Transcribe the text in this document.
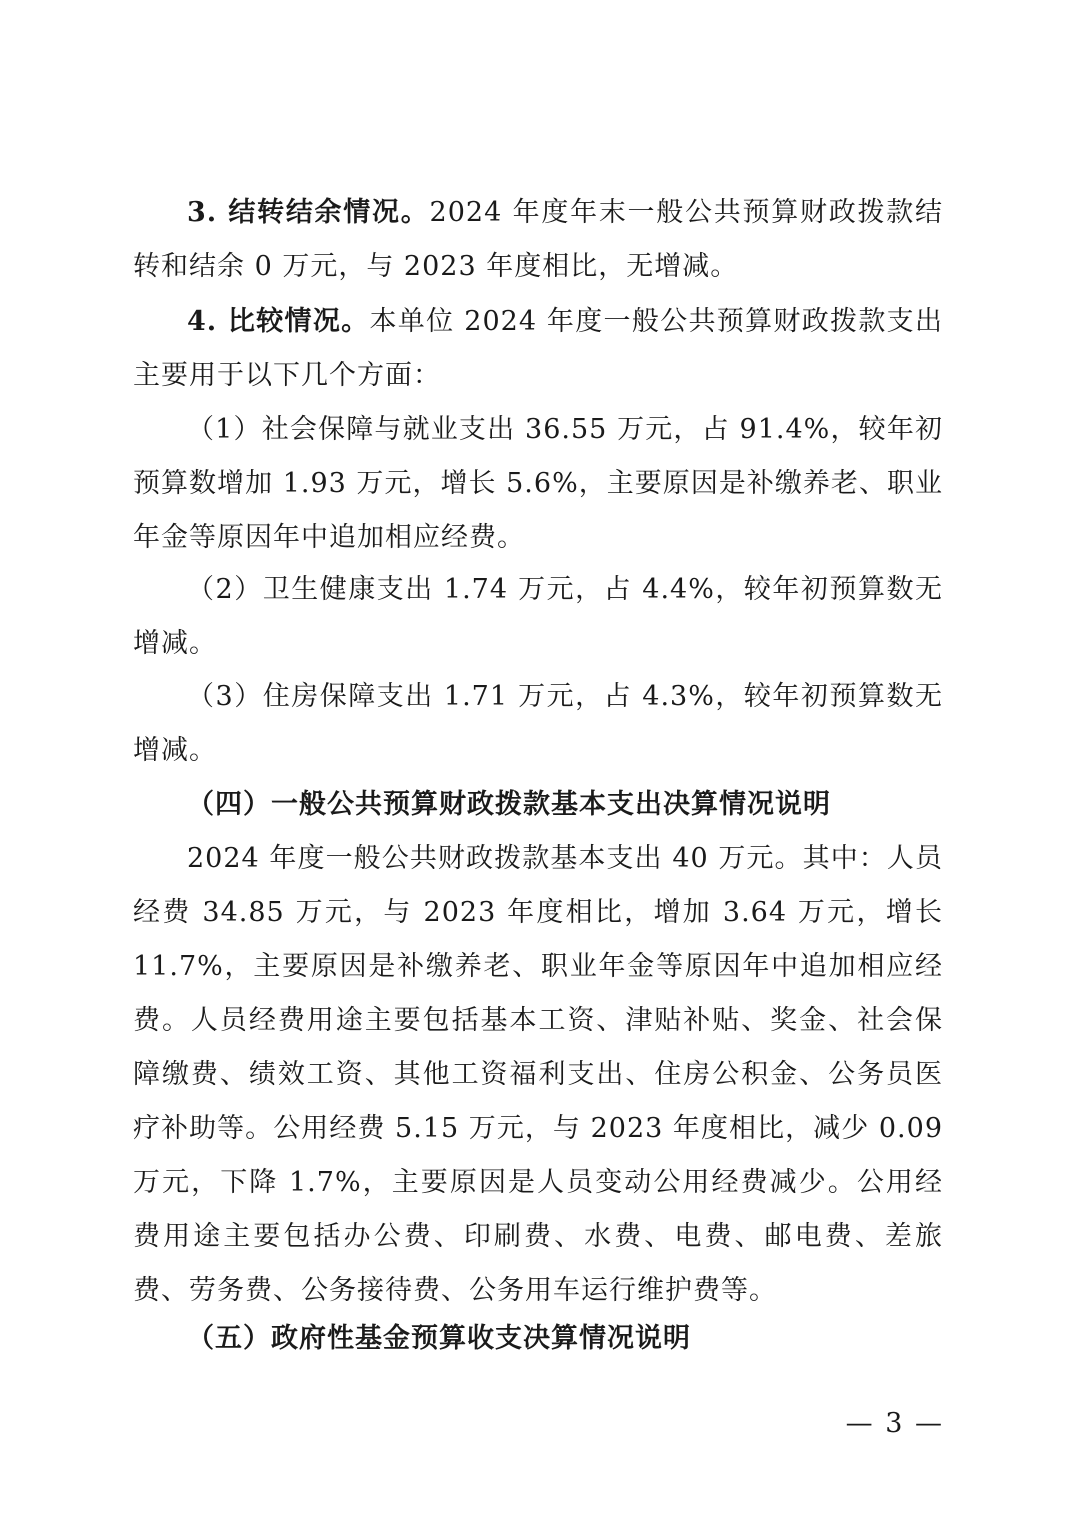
3. 结转结余情况。2024 年度年末一般公共预算财政拨款结转和结余 0 万元，与 2023 年度相比，无增减。

4. 比较情况。本单位 2024 年度一般公共预算财政拨款支出主要用于以下几个方面：

（1）社会保障与就业支出 36.55 万元，占 91.4%，较年初预算数增加 1.93 万元，增长 5.6%，主要原因是补缴养老、职业年金等原因年中追加相应经费。

（2）卫生健康支出 1.74 万元，占 4.4%，较年初预算数无增减。

（3）住房保障支出 1.71 万元，占 4.3%，较年初预算数无增减。

（四）一般公共预算财政拨款基本支出决算情况说明

2024 年度一般公共财政拨款基本支出 40 万元。其中：人员经费 34.85 万元，与 2023 年度相比，增加 3.64 万元，增长 11.7%，主要原因是补缴养老、职业年金等原因年中追加相应经费。人员经费用途主要包括基本工资、津贴补贴、奖金、社会保障缴费、绩效工资、其他工资福利支出、住房公积金、公务员医疗补助等。公用经费 5.15 万元，与 2023 年度相比，减少 0.09 万元，下降 1.7%，主要原因是人员变动公用经费减少。公用经费用途主要包括办公费、印刷费、水费、电费、邮电费、差旅费、劳务费、公务接待费、公务用车运行维护费等。

（五）政府性基金预算收支决算情况说明

— 3 —
